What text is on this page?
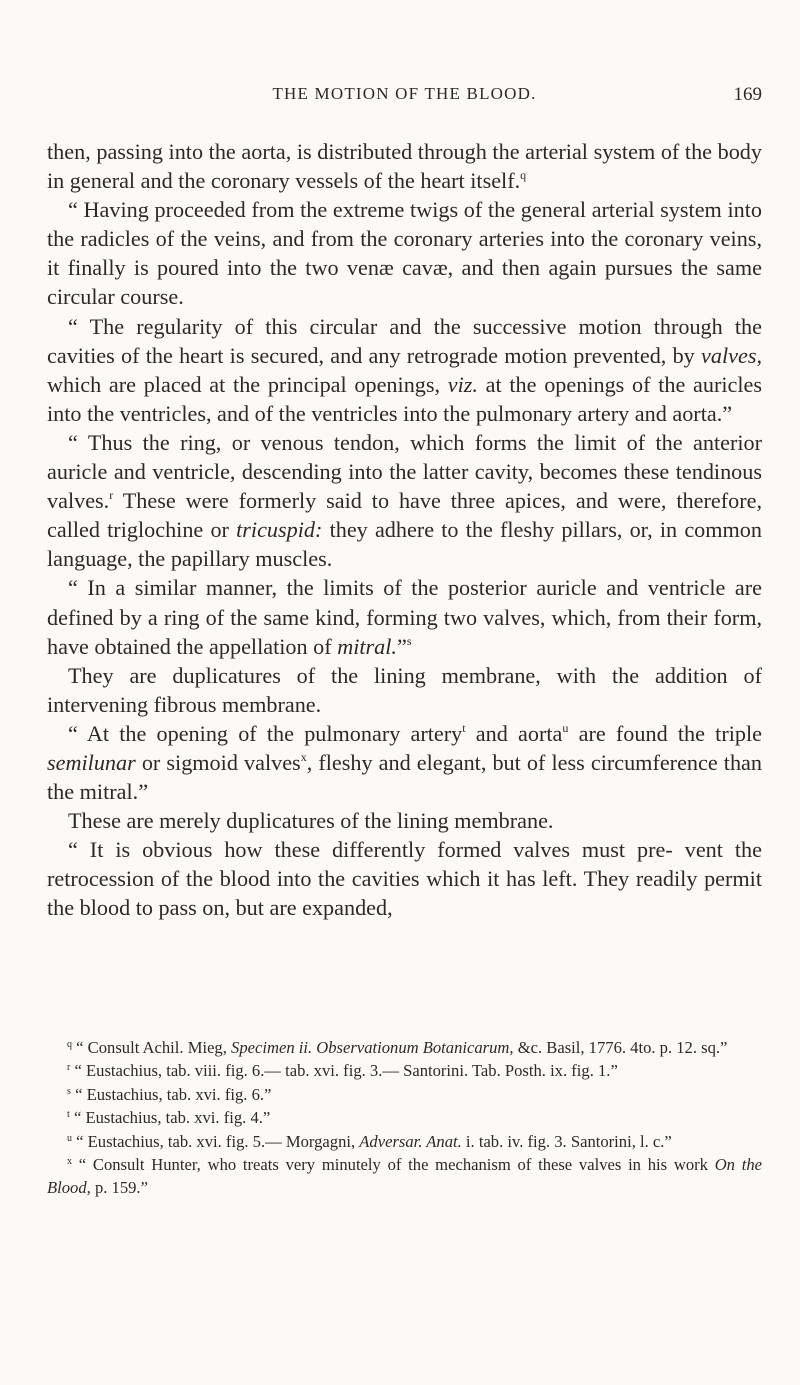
THE MOTION OF THE BLOOD.	169

then, passing into the aorta, is distributed through the arterial system of the body in general and the coronary vessels of the heart itself.$^q$

“ Having proceeded from the extreme twigs of the general arterial system into the radicles of the veins, and from the coronary arteries into the coronary veins, it finally is poured into the two venæ cavæ, and then again pursues the same circular course.

“ The regularity of this circular and the successive motion through the cavities of the heart is secured, and any retrograde motion prevented, by valves, which are placed at the principal openings, viz. at the openings of the auricles into the ventricles, and of the ventricles into the pulmonary artery and aorta.”

“ Thus the ring, or venous tendon, which forms the limit of the anterior auricle and ventricle, descending into the latter cavity, becomes these tendinous valves.$^r$ These were formerly said to have three apices, and were, therefore, called triglochine or tricuspid: they adhere to the fleshy pillars, or, in common language, the papillary muscles.

“ In a similar manner, the limits of the posterior auricle and ventricle are defined by a ring of the same kind, forming two valves, which, from their form, have obtained the appellation of mitral.”$^s$

They are duplicatures of the lining membrane, with the addition of intervening fibrous membrane.

“ At the opening of the pulmonary artery$^t$ and aorta$^u$ are found the triple semilunar or sigmoid valves$^x$, fleshy and elegant, but of less circumference than the mitral.”

These are merely duplicatures of the lining membrane.

“ It is obvious how these differently formed valves must pre- vent the retrocession of the blood into the cavities which it has left. They readily permit the blood to pass on, but are expanded,

$^q$ “ Consult Achil. Mieg, Specimen ii. Observationum Botanicarum, &c. Basil, 1776. 4to. p. 12. sq.”

$^r$ “ Eustachius, tab. viii. fig. 6.— tab. xvi. fig. 3.— Santorini. Tab. Posth. ix. fig. 1.”

$^s$ “ Eustachius, tab. xvi. fig. 6.”

$^t$ “ Eustachius, tab. xvi. fig. 4.”

$^u$ “ Eustachius, tab. xvi. fig. 5.— Morgagni, Adversar. Anat. i. tab. iv. fig. 3. Santorini, l. c.”

$^x$ “ Consult Hunter, who treats very minutely of the mechanism of these valves in his work On the Blood, p. 159.”
